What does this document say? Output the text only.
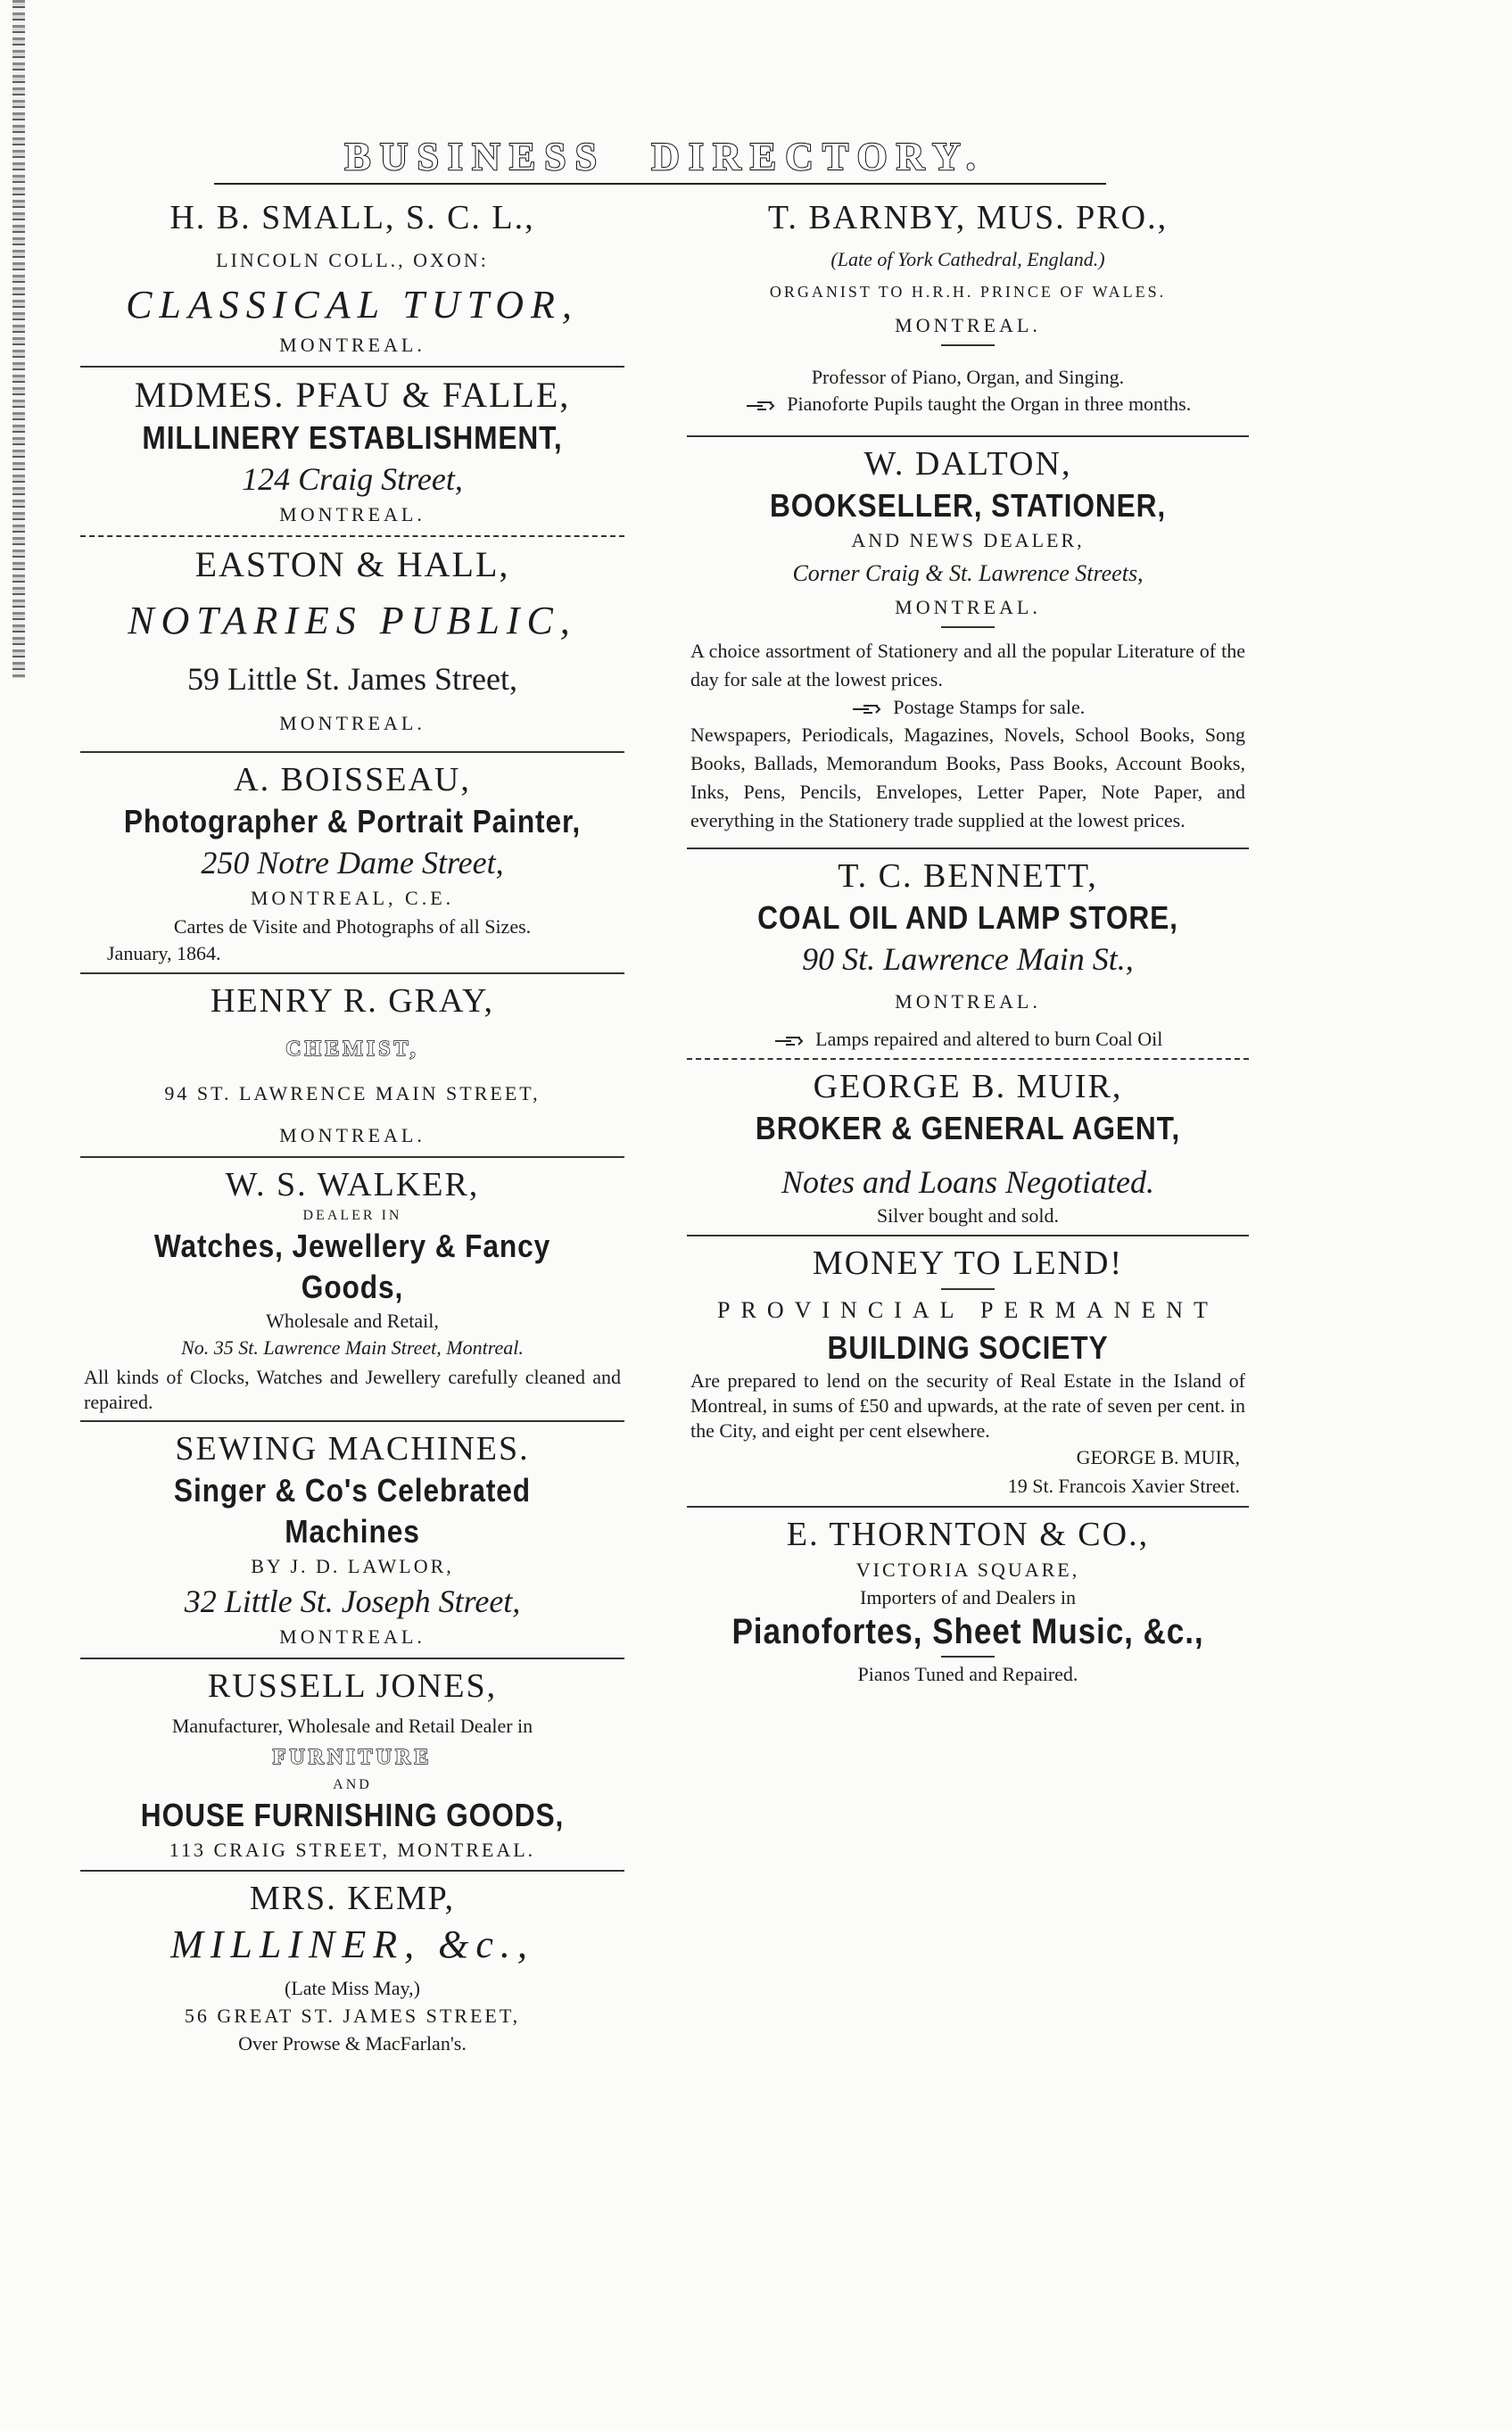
BUSINESS DIRECTORY.
H. B. SMALL, S. C. L.,
LINCOLN COLL., OXON:
CLASSICAL TUTOR,
MONTREAL.
MDMES. PFAU & FALLE,
MILLINERY ESTABLISHMENT,
124 Craig Street,
MONTREAL.
EASTON & HALL,
NOTARIES PUBLIC,
59 Little St. James Street,
MONTREAL.
A. BOISSEAU,
Photographer & Portrait Painter,
250 Notre Dame Street,
MONTREAL, C.E.
Cartes de Visite and Photographs of all Sizes.
January, 1864.
HENRY R. GRAY,
CHEMIST,
94 ST. LAWRENCE MAIN STREET,
MONTREAL.
W. S. WALKER,
DEALER IN
Watches, Jewellery & Fancy Goods,
Wholesale and Retail,
No. 35 St. Lawrence Main Street, Montreal.
All kinds of Clocks, Watches and Jewellery carefully cleaned and repaired.
SEWING MACHINES.
Singer & Co's Celebrated Machines
BY J. D. LAWLOR,
32 Little St. Joseph Street,
MONTREAL.
RUSSELL JONES,
Manufacturer, Wholesale and Retail Dealer in
FURNITURE
AND
HOUSE FURNISHING GOODS,
113 CRAIG STREET, MONTREAL.
MRS. KEMP,
MILLINER, &c.,
(Late Miss May,)
56 GREAT ST. JAMES STREET,
Over Prowse & MacFarlan's.
T. BARNBY, MUS. PRO.,
(Late of York Cathedral, England.)
ORGANIST TO H.R.H. PRINCE OF WALES.
MONTREAL.
Professor of Piano, Organ, and Singing.
Pianoforte Pupils taught the Organ in three months.
W. DALTON,
BOOKSELLER, STATIONER,
AND NEWS DEALER,
Corner Craig & St. Lawrence Streets,
MONTREAL.
A choice assortment of Stationery and all the popular Literature of the day for sale at the lowest prices.
Postage Stamps for sale.
Newspapers, Periodicals, Magazines, Novels, School Books, Song Books, Ballads, Memorandum Books, Pass Books, Account Books, Inks, Pens, Pencils, Envelopes, Letter Paper, Note Paper, and everything in the Stationery trade supplied at the lowest prices.
T. C. BENNETT,
COAL OIL AND LAMP STORE,
90 St. Lawrence Main St.,
MONTREAL.
Lamps repaired and altered to burn Coal Oil
GEORGE B. MUIR,
BROKER & GENERAL AGENT,
Notes and Loans Negotiated.
Silver bought and sold.
MONEY TO LEND!
PROVINCIAL PERMANENT
BUILDING SOCIETY
Are prepared to lend on the security of Real Estate in the Island of Montreal, in sums of £50 and upwards, at the rate of seven per cent. in the City, and eight per cent elsewhere.
GEORGE B. MUIR,
19 St. Francois Xavier Street.
E. THORNTON & CO.,
VICTORIA SQUARE,
Importers of and Dealers in
Pianofortes, Sheet Music, &c.,
Pianos Tuned and Repaired.
